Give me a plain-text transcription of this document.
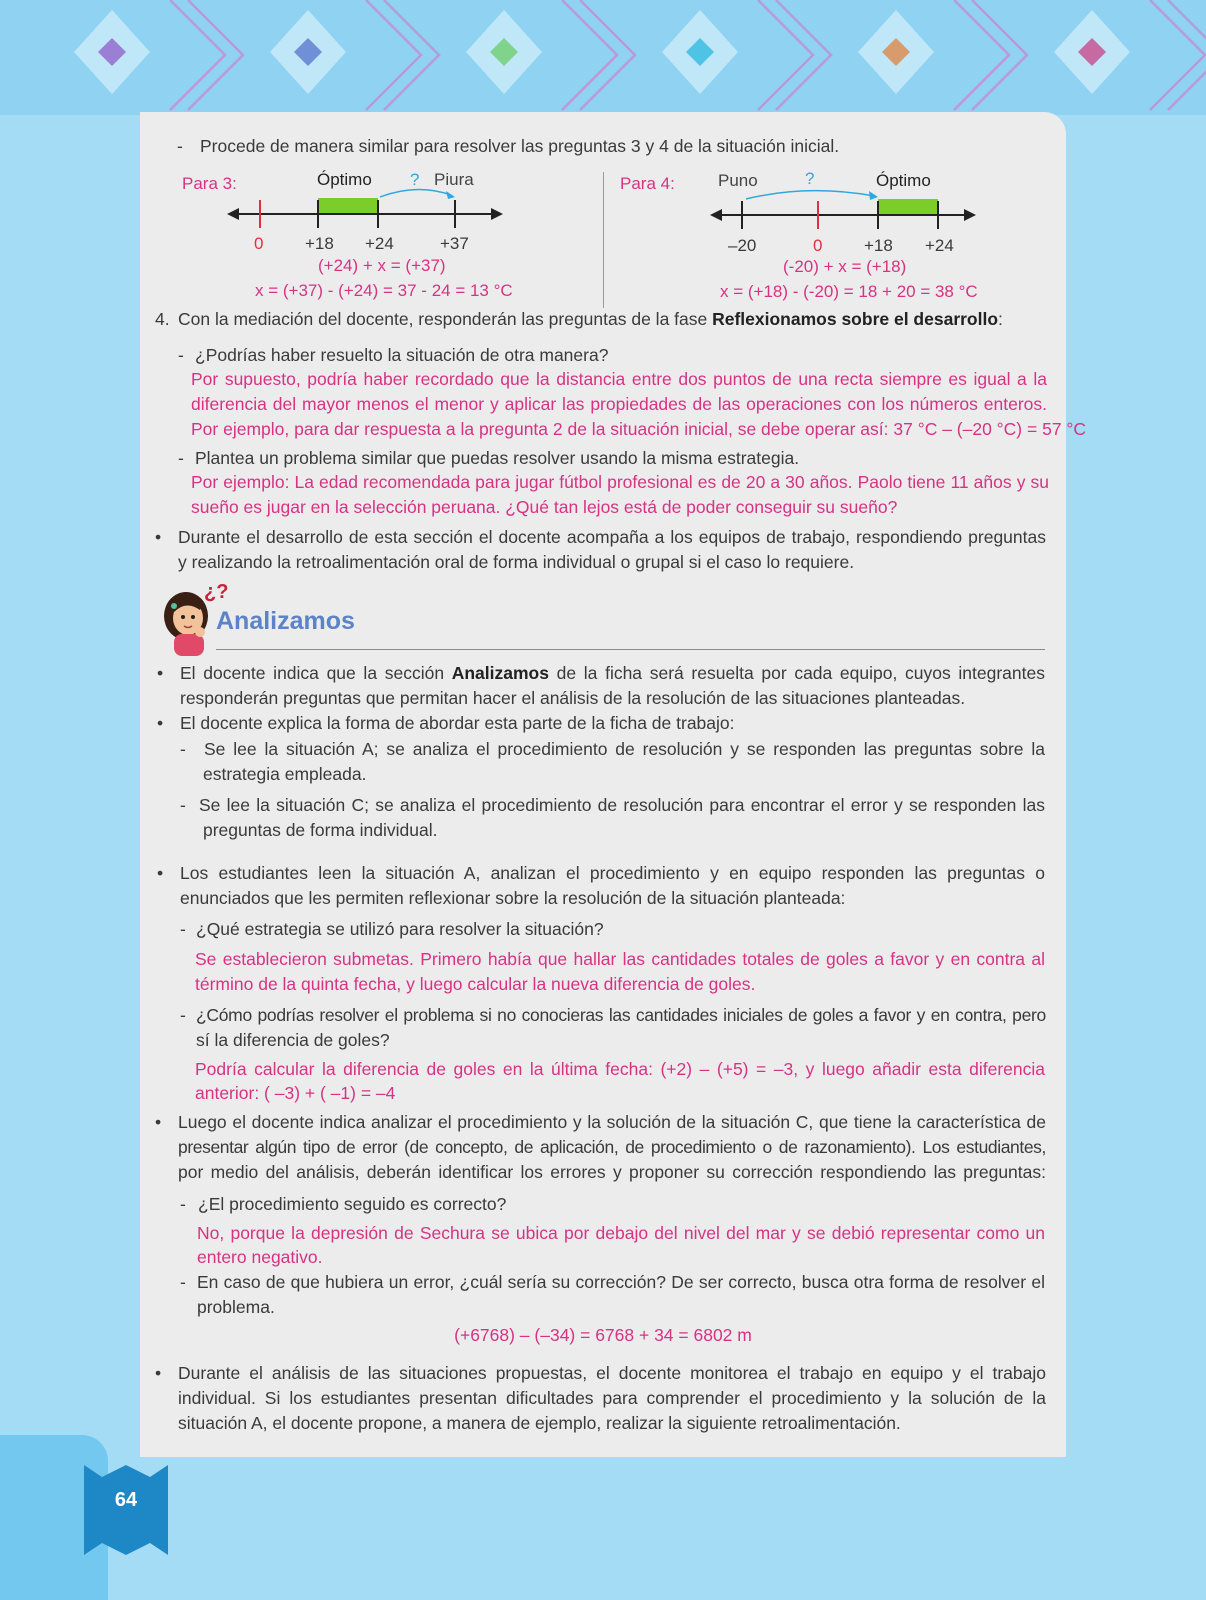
- Procede de manera similar para resolver las preguntas 3 y 4 de la situación inicial.
Para 3:	Óptimo ? Piura
0 +18 +24	+37
(+24) + x = (+37)
x = (+37) - (+24) = 37 - 24 = 13 °C
Para 4:	Puno	?	Óptimo
–20	0 +18 +24
(-20) + x = (+18)
x = (+18) - (-20) = 18 + 20 = 38 °C
4. Con la mediación del docente, responderán las preguntas de la fase Reflexionamos sobre el desarrollo:
- ¿Podrías haber resuelto la situación de otra manera?
Por supuesto, podría haber recordado que la distancia entre dos puntos de una recta siempre es igual a la
diferencia del mayor menos el menor y aplicar las propiedades de las operaciones con los números enteros.
Por ejemplo, para dar respuesta a la pregunta 2 de la situación inicial, se debe operar así: 37 °C – (–20 °C) = 57 °C
- Plantea un problema similar que puedas resolver usando la misma estrategia.
Por ejemplo: La edad recomendada para jugar fútbol profesional es de 20 a 30 años. Paolo tiene 11 años y su
sueño es jugar en la selección peruana. ¿Qué tan lejos está de poder conseguir su sueño?
• Durante el desarrollo de esta sección el docente acompaña a los equipos de trabajo, respondiendo preguntas
y realizando la retroalimentación oral de forma individual o grupal si el caso lo requiere.
¿?
Analizamos
• El docente indica que la sección Analizamos de la ficha será resuelta por cada equipo, cuyos integrantes
responderán preguntas que permitan hacer el análisis de la resolución de las situaciones planteadas.
• El docente explica la forma de abordar esta parte de la ficha de trabajo:
- Se lee la situación A; se analiza el procedimiento de resolución y se responden las preguntas sobre la
estrategia empleada.
- Se lee la situación C; se analiza el procedimiento de resolución para encontrar el error y se responden las
preguntas de forma individual.
• Los estudiantes leen la situación A, analizan el procedimiento y en equipo responden las preguntas o
enunciados que les permiten reflexionar sobre la resolución de la situación planteada:
- ¿Qué estrategia se utilizó para resolver la situación?
Se establecieron submetas. Primero había que hallar las cantidades totales de goles a favor y en contra al
término de la quinta fecha, y luego calcular la nueva diferencia de goles.
- ¿Cómo podrías resolver el problema si no conocieras las cantidades iniciales de goles a favor y en contra, pero
sí la diferencia de goles?
Podría calcular la diferencia de goles en la última fecha: (+2) – (+5) = –3, y luego añadir esta diferencia
anterior: ( –3) + ( –1) = –4
• Luego el docente indica analizar el procedimiento y la solución de la situación C, que tiene la característica de
presentar algún tipo de error (de concepto, de aplicación, de procedimiento o de razonamiento). Los estudiantes,
por medio del análisis, deberán identificar los errores y proponer su corrección respondiendo las preguntas:
- ¿El procedimiento seguido es correcto?
No, porque la depresión de Sechura se ubica por debajo del nivel del mar y se debió representar como un
entero negativo.
- En caso de que hubiera un error, ¿cuál sería su corrección? De ser correcto, busca otra forma de resolver el
problema.
(+6768) – (–34) = 6768 + 34 = 6802 m
• Durante el análisis de las situaciones propuestas, el docente monitorea el trabajo en equipo y el trabajo
individual. Si los estudiantes presentan dificultades para comprender el procedimiento y la solución de la
situación A, el docente propone, a manera de ejemplo, realizar la siguiente retroalimentación.
64
